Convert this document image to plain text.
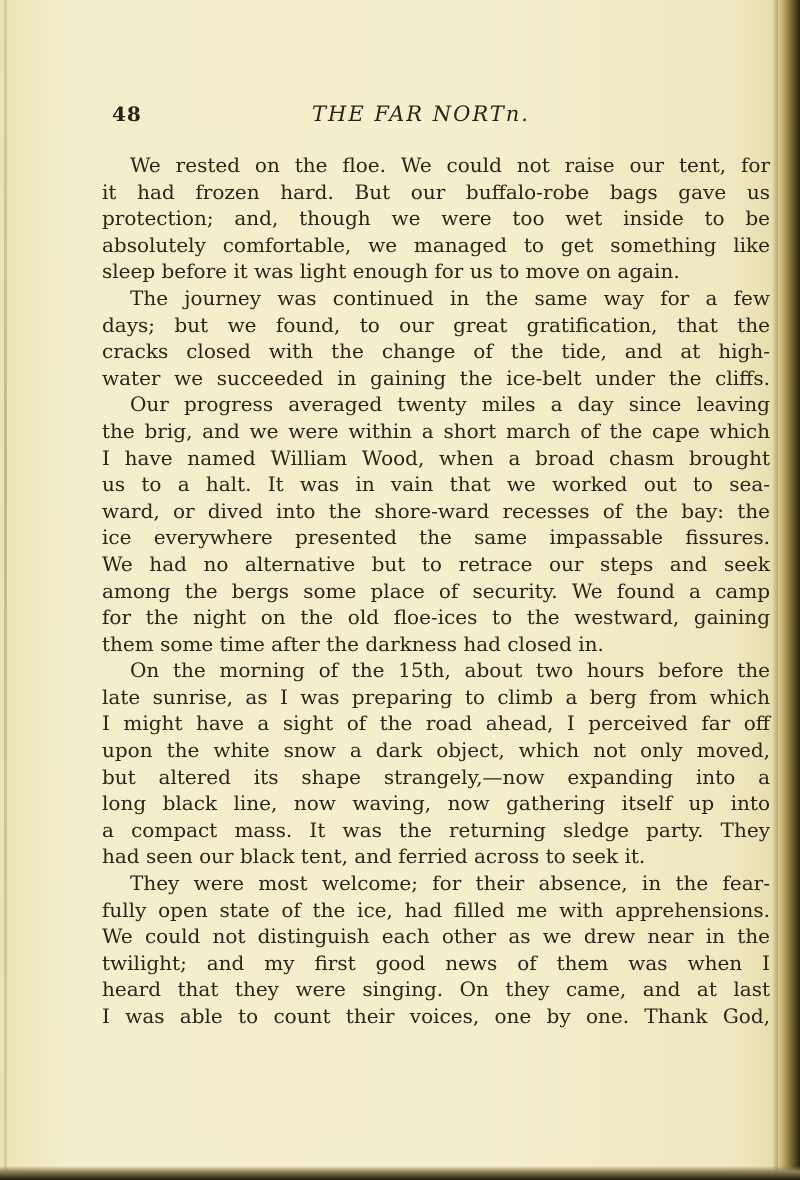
48	THE FAR NORTn.
We rested on the floe. We could not raise our tent, for
it had frozen hard. But our buffalo-robe bags gave us
protection; and, though we were too wet inside to be
absolutely comfortable, we managed to get something like
sleep before it was light enough for us to move on again.
The journey was continued in the same way for a few
days; but we found, to our great gratification, that the
cracks closed with the change of the tide, and at high-
water we succeeded in gaining the ice-belt under the cliffs.
Our progress averaged twenty miles a day since leaving
the brig, and we were within a short march of the cape which
I have named William Wood, when a broad chasm brought
us to a halt. It was in vain that we worked out to sea-
ward, or dived into the shore-ward recesses of the bay: the
ice everywhere presented the same impassable fissures.
We had no alternative but to retrace our steps and seek
among the bergs some place of security. We found a camp
for the night on the old floe-ices to the westward, gaining
them some time after the darkness had closed in.
On the morning of the 15th, about two hours before the
late sunrise, as I was preparing to climb a berg from which
I might have a sight of the road ahead, I perceived far off
upon the white snow a dark object, which not only moved,
but altered its shape strangely,—now expanding into a
long black line, now waving, now gathering itself up into
a compact mass. It was the returning sledge party. They
had seen our black tent, and ferried across to seek it.
They were most welcome; for their absence, in the fear-
fully open state of the ice, had filled me with apprehensions.
We could not distinguish each other as we drew near in the
twilight; and my first good news of them was when I
heard that they were singing. On they came, and at last
I was able to count their voices, one by one. Thank God,
